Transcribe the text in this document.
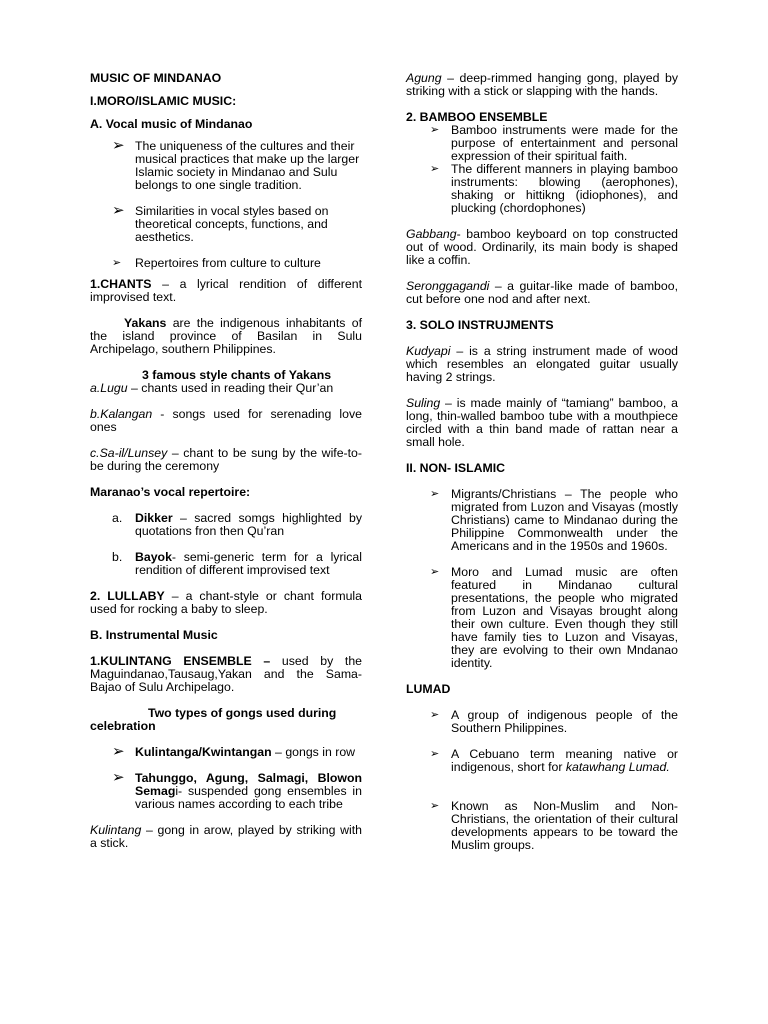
MUSIC OF MINDANAO

I.MORO/ISLAMIC MUSIC:

A. Vocal music of Mindanao

➢ The uniqueness of the cultures and their musical practices that make up the larger Islamic society in Mindanao and Sulu belongs to one single tradition.
➢ Similarities in vocal styles based on theoretical concepts, functions, and aesthetics.
➢ Repertoires from culture to culture

1.CHANTS – a lyrical rendition of different improvised text.

Yakans are the indigenous inhabitants of the island province of Basilan in Sulu Archipelago, southern Philippines.

3 famous style chants of Yakans

a.Lugu – chants used in reading their Qur’an

b.Kalangan - songs used for serenading love ones

c.Sa-il/Lunsey – chant to be sung by the wife-to-be during the ceremony

Maranao’s vocal repertoire:

a. Dikker – sacred somgs highlighted by quotations fron then Qu’ran
b. Bayok- semi-generic term for a lyrical rendition of different improvised text

2. LULLABY – a chant-style or chant formula used for rocking a baby to sleep.

B. Instrumental Music

1.KULINTANG ENSEMBLE – used by the Maguindanao,Tausaug,Yakan and the Sama-Bajao of Sulu Archipelago.

Two types of gongs used during

celebration

➢ Kulintanga/Kwintangan – gongs in row
➢ Tahunggo, Agung, Salmagi, Blowon Semagi- suspended gong ensembles in various names according to each tribe

Kulintang – gong in arow, played by striking with a stick.

Agung – deep-rimmed hanging gong, played by striking with a stick or slapping with the hands.

2. BAMBOO ENSEMBLE

➢ Bamboo instruments were made for the purpose of entertainment and personal expression of their spiritual faith.
➢ The different manners in playing bamboo instruments: blowing (aerophones), shaking or hittikng (idiophones), and plucking (chordophones)

Gabbang- bamboo keyboard on top constructed out of wood. Ordinarily, its main body is shaped like a coffin.

Seronggagandi – a guitar-like made of bamboo, cut before one nod and after next.

3. SOLO INSTRUJMENTS

Kudyapi – is a string instrument made of wood which resembles an elongated guitar usually having 2 strings.

Suling – is made mainly of “tamiang” bamboo, a long, thin-walled bamboo tube with a mouthpiece circled with a thin band made of rattan near a small hole.

II. NON- ISLAMIC

➢ Migrants/Christians – The people who migrated from Luzon and Visayas (mostly Christians) came to Mindanao during the Philippine Commonwealth under the Americans and in the 1950s and 1960s.
➢ Moro and Lumad music are often featured in Mindanao cultural presentations, the people who migrated from Luzon and Visayas brought along their own culture. Even though they still have family ties to Luzon and Visayas, they are evolving to their own Mndanao identity.

LUMAD

➢ A group of indigenous people of the Southern Philippines.
➢ A Cebuano term meaning native or indigenous, short for katawhang Lumad.
➢ Known as Non-Muslim and Non-Christians, the orientation of their cultural developments appears to be toward the Muslim groups.
